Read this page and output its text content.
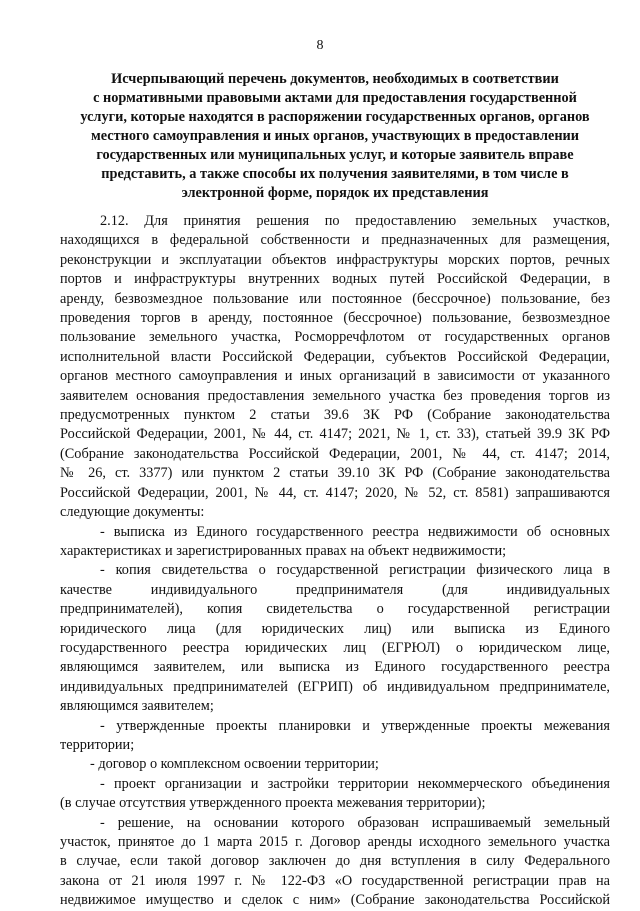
8
Исчерпывающий перечень документов, необходимых в соответствии
с нормативными правовыми актами для предоставления государственной
услуги, которые находятся в распоряжении государственных органов, органов
местного самоуправления и иных органов, участвующих в предоставлении
государственных или муниципальных услуг, и которые заявитель вправе
представить, а также способы их получения заявителями, в том числе в
электронной форме, порядок их представления
2.12. Для принятия решения по предоставлению земельных участков,
находящихся в федеральной собственности и предназначенных для размещения,
реконструкции и эксплуатации объектов инфраструктуры морских портов, речных
портов и инфраструктуры внутренних водных путей Российской Федерации, в
аренду, безвозмездное пользование или постоянное (бессрочное) пользование, без
проведения торгов в аренду, постоянное (бессрочное) пользование, безвозмездное
пользование земельного участка, Росморречфлотом от государственных органов
исполнительной власти Российской Федерации, субъектов Российской Федерации,
органов местного самоуправления и иных организаций в зависимости от указанного
заявителем основания предоставления земельного участка без проведения торгов из
предусмотренных пунктом 2 статьи 39.6 ЗК РФ (Собрание законодательства
Российской Федерации, 2001, № 44, ст. 4147; 2021, № 1, ст. 33), статьей 39.9 ЗК РФ
(Собрание законодательства Российской Федерации, 2001, № 44, ст. 4147; 2014,
№ 26, ст. 3377) или пунктом 2 статьи 39.10 ЗК РФ (Собрание законодательства
Российской Федерации, 2001, № 44, ст. 4147; 2020, № 52, ст. 8581) запрашиваются
следующие документы:
- выписка из Единого государственного реестра недвижимости об основных
характеристиках и зарегистрированных правах на объект недвижимости;
- копия свидетельства о государственной регистрации физического лица в
качестве индивидуального предпринимателя (для индивидуальных
предпринимателей), копия свидетельства о государственной регистрации
юридического лица (для юридических лиц) или выписка из Единого
государственного реестра юридических лиц (ЕГРЮЛ) о юридическом лице,
являющимся заявителем, или выписка из Единого государственного реестра
индивидуальных предпринимателей (ЕГРИП) об индивидуальном предпринимателе,
являющимся заявителем;
- утвержденные проекты планировки и утвержденные проекты межевания
территории;
- договор о комплексном освоении территории;
- проект организации и застройки территории некоммерческого объединения
(в случае отсутствия утвержденного проекта межевания территории);
- решение, на основании которого образован испрашиваемый земельный
участок, принятое до 1 марта 2015 г. Договор аренды исходного земельного участка
в случае, если такой договор заключен до дня вступления в силу Федерального
закона от 21 июля 1997 г. № 122-ФЗ «О государственной регистрации прав на
недвижимое имущество и сделок с ним» (Собрание законодательства Российской
